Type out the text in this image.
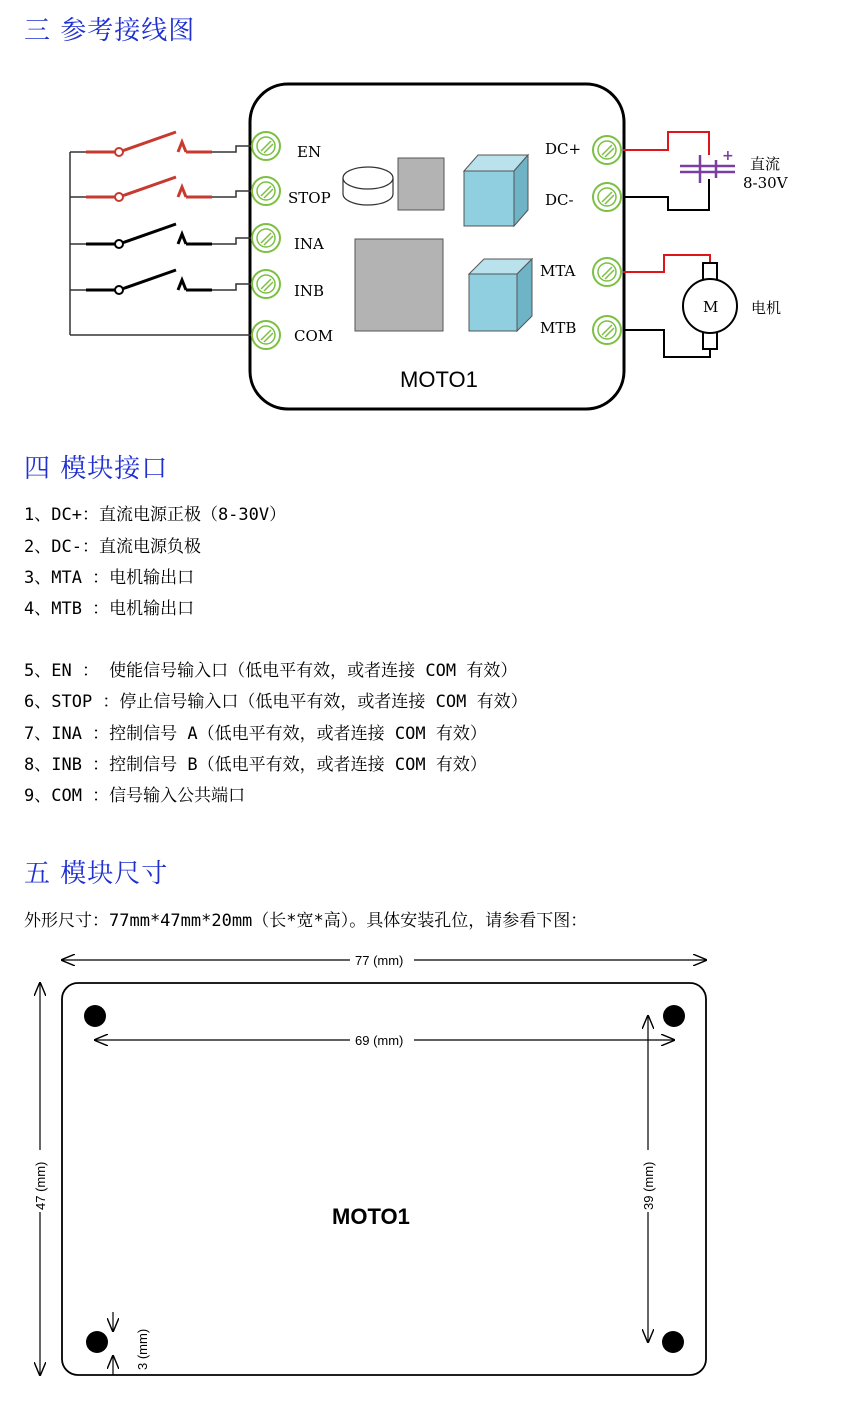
三 参考接线图
EN
STOP
INA
INB
COM
DC+
DC-
MTA
MTB
MOTO1
+ 直流
8-30V
M 电机
四 模块接口
1、DC+：直流电源正极（8-30V）
2、DC-：直流电源负极
3、MTA ：电机输出口
4、MTB ：电机输出口
5、EN ： 使能信号输入口（低电平有效，或者连接 COM 有效）
6、STOP ：停止信号输入口（低电平有效，或者连接 COM 有效）
7、INA ：控制信号 A（低电平有效，或者连接 COM 有效）
8、INB ：控制信号 B（低电平有效，或者连接 COM 有效）
9、COM ：信号输入公共端口
五 模块尺寸
外形尺寸：77mm*47mm*20mm（长*宽*高）。具体安装孔位，请参看下图：
77 (mm)
69 (mm)
47 (mm)	39 (mm)
3 (mm)
MOTO1
